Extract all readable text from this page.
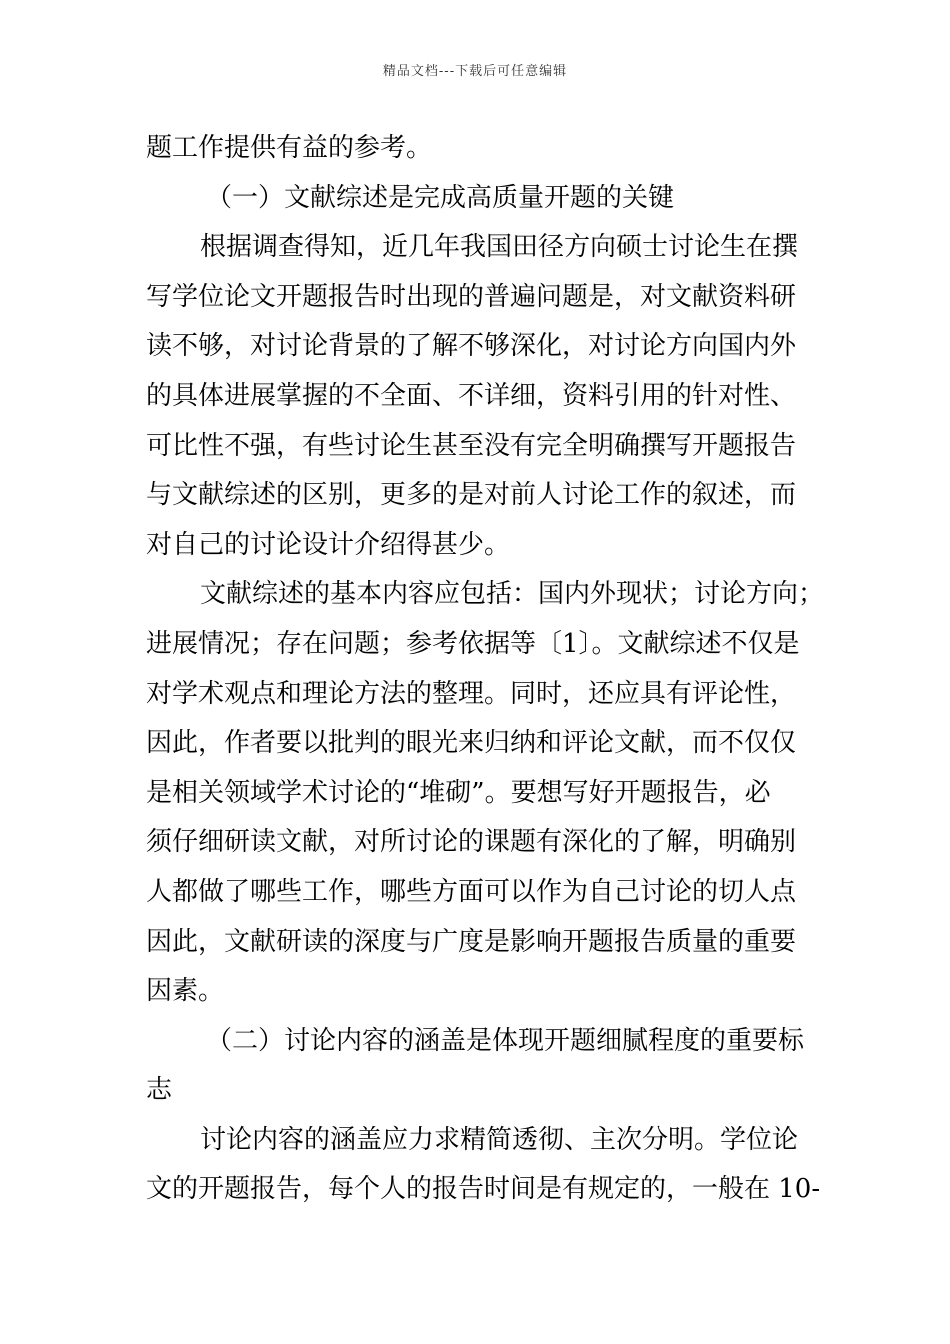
精品文档---下载后可任意编辑
题工作提供有益的参考。
（一）文献综述是完成高质量开题的关键
根据调查得知，近几年我国田径方向硕士讨论生在撰
写学位论文开题报告时出现的普遍问题是，对文献资料研
读不够，对讨论背景的了解不够深化，对讨论方向国内外
的具体进展掌握的不全面、不详细，资料引用的针对性、
可比性不强，有些讨论生甚至没有完全明确撰写开题报告
与文献综述的区别，更多的是对前人讨论工作的叙述，而
对自己的讨论设计介绍得甚少。
文献综述的基本内容应包括：国内外现状；讨论方向；
进展情况；存在问题；参考依据等〔1〕。文献综述不仅是
对学术观点和理论方法的整理。同时，还应具有评论性，
因此，作者要以批判的眼光来归纳和评论文献，而不仅仅
是相关领域学术讨论的“堆砌”。要想写好开题报告，必
须仔细研读文献，对所讨论的课题有深化的了解，明确别
人都做了哪些工作，哪些方面可以作为自己讨论的切人点
因此，文献研读的深度与广度是影响开题报告质量的重要
因素。
（二）讨论内容的涵盖是体现开题细腻程度的重要标
志
讨论内容的涵盖应力求精简透彻、主次分明。学位论
文的开题报告，每个人的报告时间是有规定的，一般在 10-
